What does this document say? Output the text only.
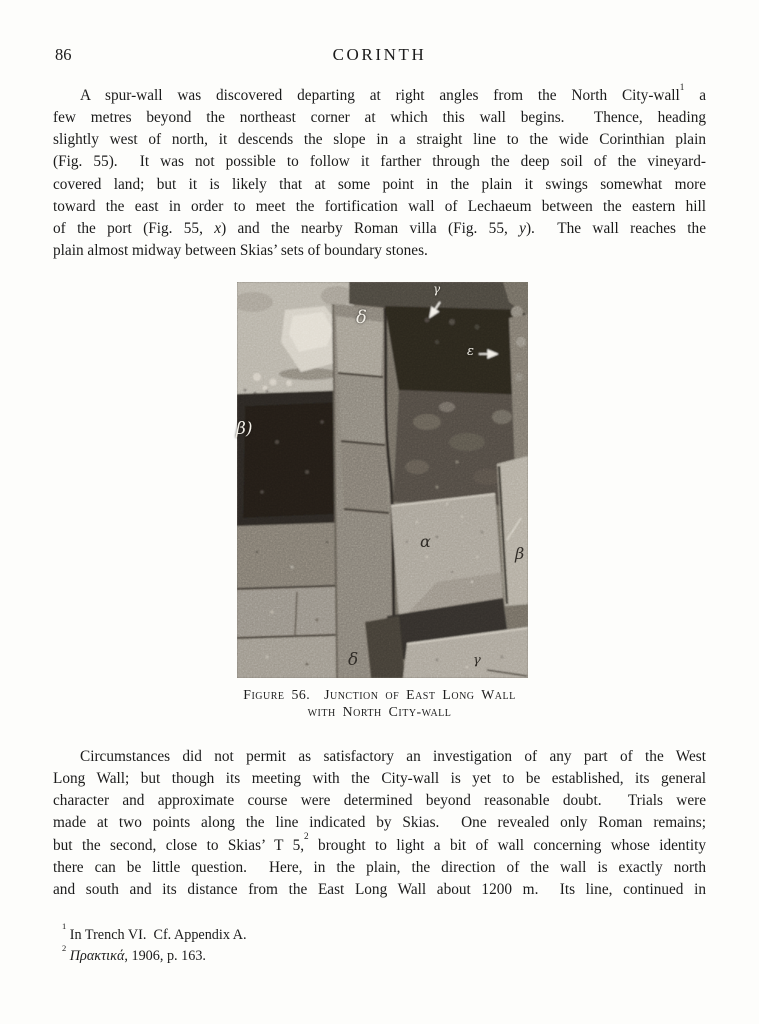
86	CORINTH
A spur-wall was discovered departing at right angles from the North City-wall$^1$ a
few metres beyond the northeast corner at which this wall begins.  Thence, heading
slightly west of north, it descends the slope in a straight line to the wide Corinthian plain
(Fig. 55).  It was not possible to follow it farther through the deep soil of the vineyard-
covered land; but it is likely that at some point in the plain it swings somewhat more
toward the east in order to meet the fortification wall of Lechaeum between the eastern hill
of the port (Fig. 55, x) and the nearby Roman villa (Fig. 55, y).  The wall reaches the
plain almost midway between Skias’ sets of boundary stones.
γ
δ
ε
β)
α
β
δ	γ
Figure 56.  Junction of East Long Wall
with North City-wall
Circumstances did not permit as satisfactory an investigation of any part of the West
Long Wall; but though its meeting with the City-wall is yet to be established, its general
character and approximate course were determined beyond reasonable doubt.  Trials were
made at two points along the line indicated by Skias.  One revealed only Roman remains;
but the second, close to Skias’ T 5,$^2$ brought to light a bit of wall concerning whose identity
there can be little question.  Here, in the plain, the direction of the wall is exactly north
and south and its distance from the East Long Wall about 1200 m.  Its line, continued in
$^1$ In Trench VI.  Cf. Appendix A.
$^2$ Πρακτικά, 1906, p. 163.
